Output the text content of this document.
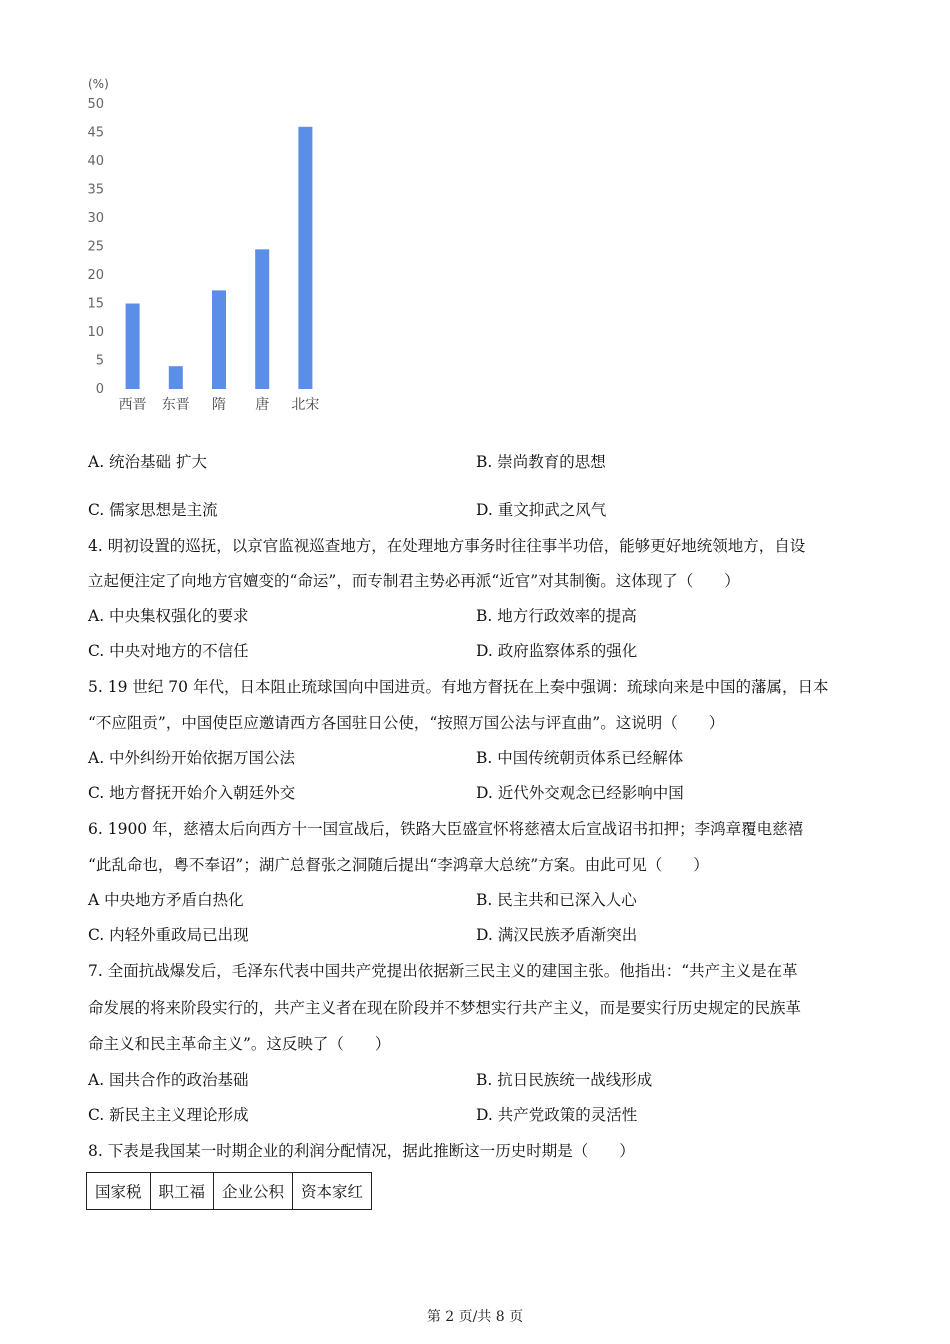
(%)
0
5
10
15
20
25
30
35
40
45
50
西晋 东晋 隋 唐 北宋
A. 统治基础 扩大	B. 崇尚教育的思想
C. 儒家思想是主流	D. 重文抑武之风气
4. 明初设置的巡抚，以京官监视巡查地方，在处理地方事务时往往事半功倍，能够更好地统领地方，自设
立起便注定了向地方官嬗变的“命运”，而专制君主势必再派“近官”对其制衡。这体现了（　　）
A. 中央集权强化的要求	B. 地方行政效率的提高
C. 中央对地方的不信任	D. 政府监察体系的强化
5. 19 世纪 70 年代，日本阻止琉球国向中国进贡。有地方督抚在上奏中强调：琉球向来是中国的藩属，日本
“不应阻贡”，中国使臣应邀请西方各国驻日公使，“按照万国公法与评直曲”。这说明（　　）
A. 中外纠纷开始依据万国公法	B. 中国传统朝贡体系已经解体
C. 地方督抚开始介入朝廷外交	D. 近代外交观念已经影响中国
6. 1900 年，慈禧太后向西方十一国宣战后，铁路大臣盛宣怀将慈禧太后宣战诏书扣押；李鸿章覆电慈禧
“此乱命也，粤不奉诏”；湖广总督张之洞随后提出“李鸿章大总统”方案。由此可见（　　）
A 中央地方矛盾白热化	B. 民主共和已深入人心
C. 内轻外重政局已出现	D. 满汉民族矛盾渐突出
7. 全面抗战爆发后，毛泽东代表中国共产党提出依据新三民主义的建国主张。他指出：“共产主义是在革
命发展的将来阶段实行的，共产主义者在现在阶段并不梦想实行共产主义，而是要实行历史规定的民族革
命主义和民主革命主义”。这反映了（　　）
A. 国共合作的政治基础	B. 抗日民族统一战线形成
C. 新民主主义理论形成	D. 共产党政策的灵活性
8. 下表是我国某一时期企业的利润分配情况，据此推断这一历史时期是（　　）
国家税	职工福	企业公积	资本家红
第 2 页/共 8 页
